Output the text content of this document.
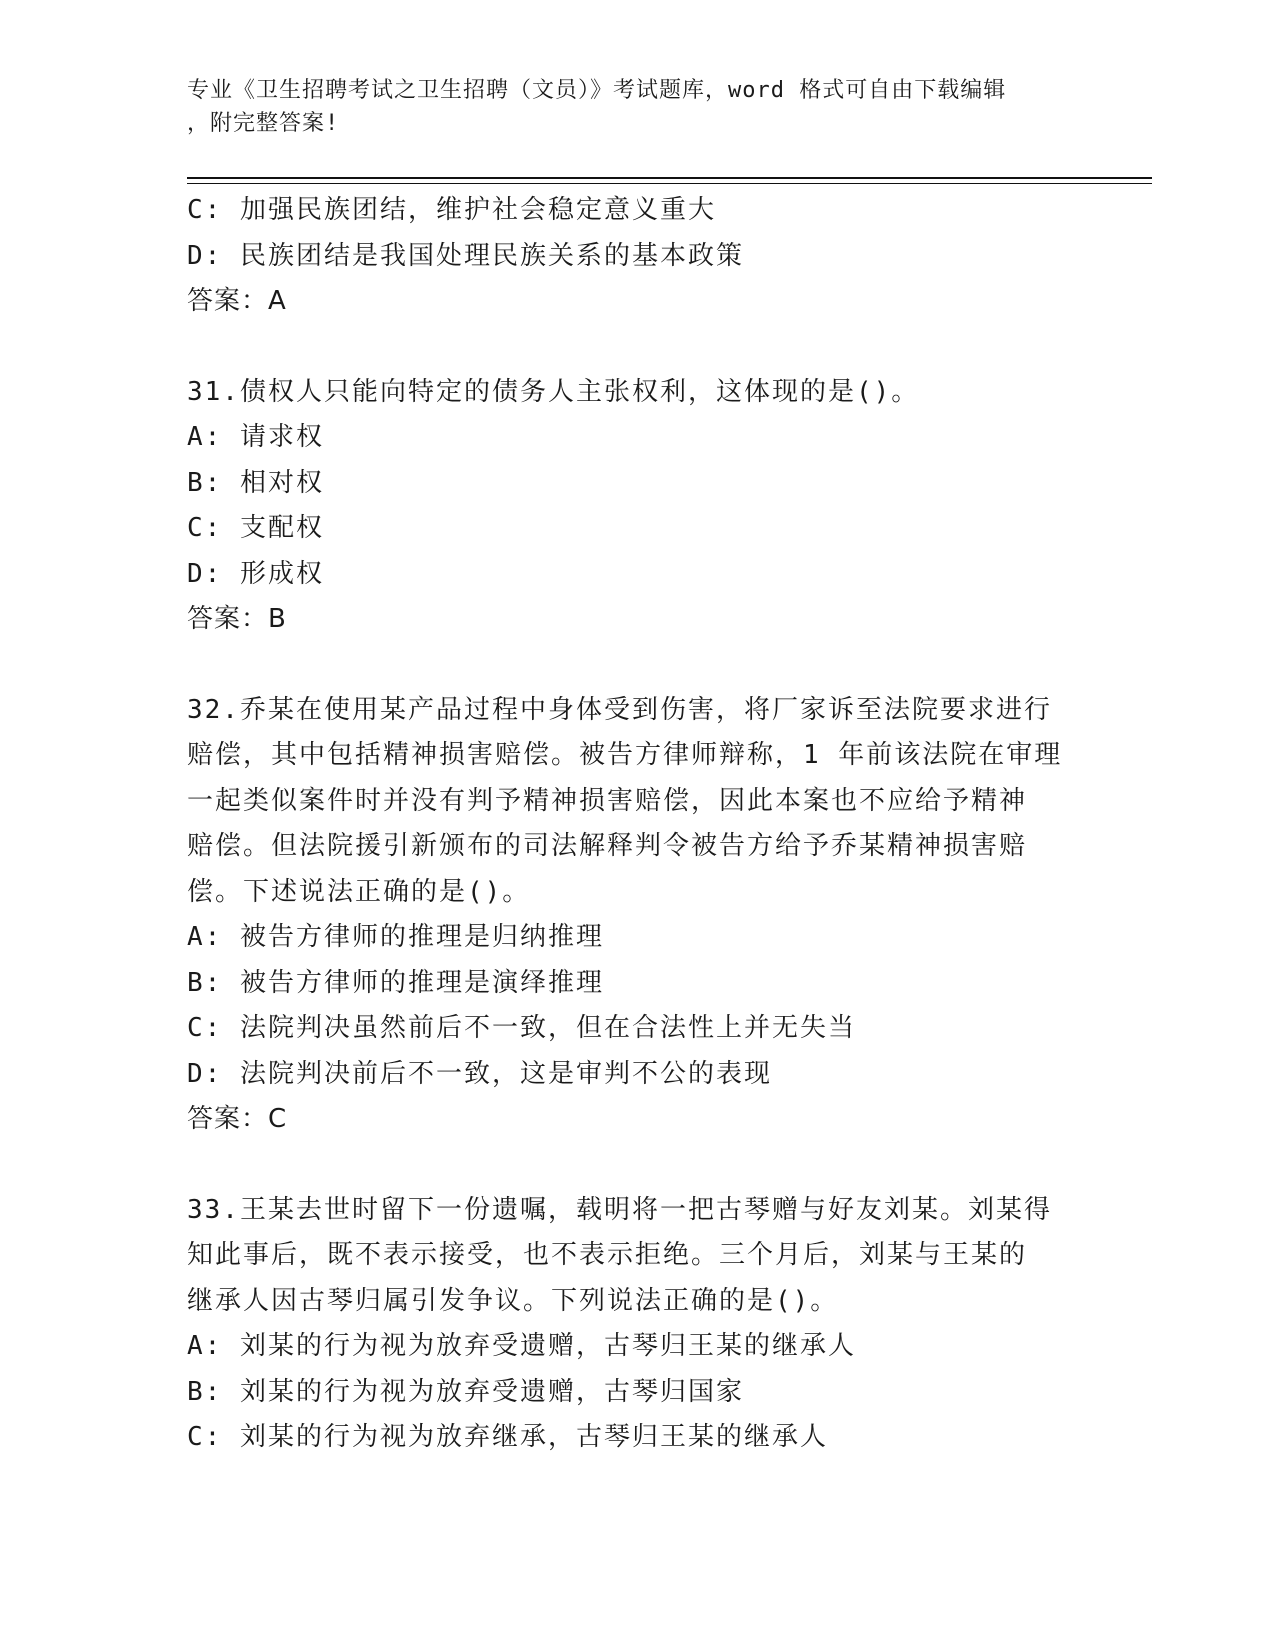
专业《卫生招聘考试之卫生招聘（文员）》考试题库，word 格式可自由下载编辑
，附完整答案!
C: 加强民族团结，维护社会稳定意义重大
D: 民族团结是我国处理民族关系的基本政策
答案：A
31.债权人只能向特定的债务人主张权利，这体现的是()。
A: 请求权
B: 相对权
C: 支配权
D: 形成权
答案：B
32.乔某在使用某产品过程中身体受到伤害，将厂家诉至法院要求进行
赔偿，其中包括精神损害赔偿。被告方律师辩称，1 年前该法院在审理
一起类似案件时并没有判予精神损害赔偿，因此本案也不应给予精神
赔偿。但法院援引新颁布的司法解释判令被告方给予乔某精神损害赔
偿。下述说法正确的是()。
A: 被告方律师的推理是归纳推理
B: 被告方律师的推理是演绎推理
C: 法院判决虽然前后不一致，但在合法性上并无失当
D: 法院判决前后不一致，这是审判不公的表现
答案：C
33.王某去世时留下一份遗嘱，载明将一把古琴赠与好友刘某。刘某得
知此事后，既不表示接受，也不表示拒绝。三个月后，刘某与王某的
继承人因古琴归属引发争议。下列说法正确的是()。
A: 刘某的行为视为放弃受遗赠，古琴归王某的继承人
B: 刘某的行为视为放弃受遗赠，古琴归国家
C: 刘某的行为视为放弃继承，古琴归王某的继承人
